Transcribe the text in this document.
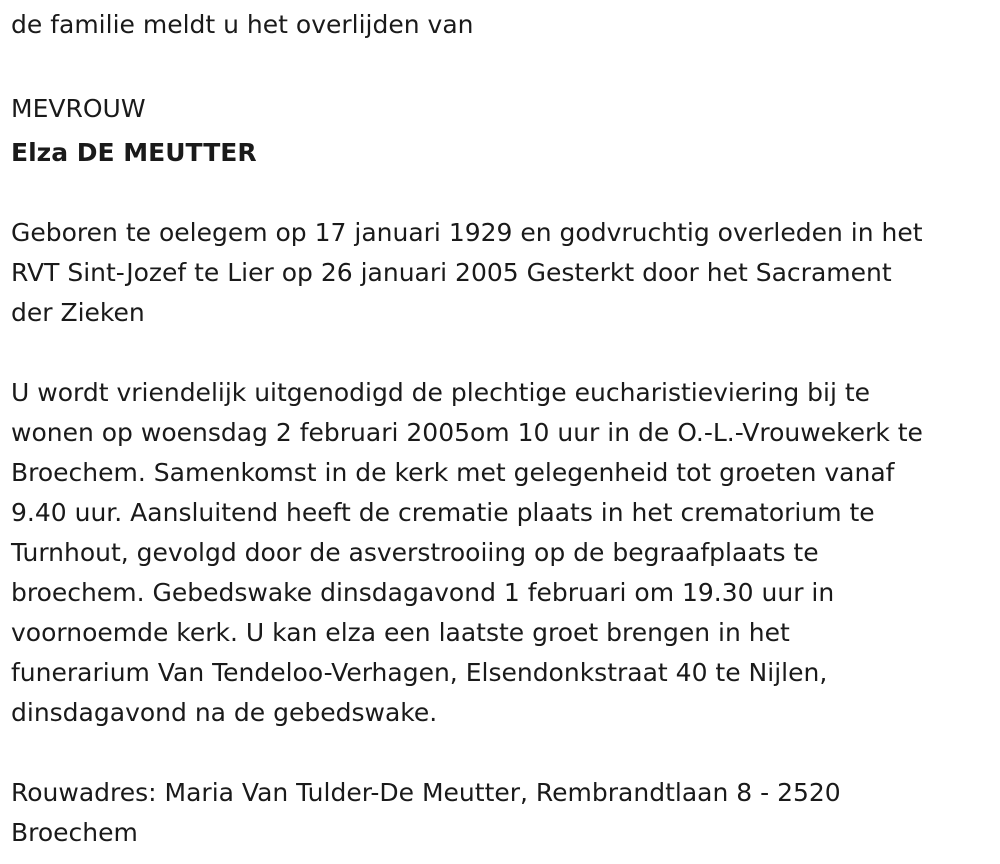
de familie meldt u het overlijden van
MEVROUW
Elza DE MEUTTER
Geboren te oelegem op 17 januari 1929 en godvruchtig overleden in het
RVT Sint-Jozef te Lier op 26 januari 2005 Gesterkt door het Sacrament
der Zieken
U wordt vriendelijk uitgenodigd de plechtige eucharistieviering bij te
wonen op woensdag 2 februari 2005om 10 uur in de O.-L.-Vrouwekerk te
Broechem. Samenkomst in de kerk met gelegenheid tot groeten vanaf
9.40 uur. Aansluitend heeft de crematie plaats in het crematorium te
Turnhout, gevolgd door de asverstrooiing op de begraafplaats te
broechem. Gebedswake dinsdagavond 1 februari om 19.30 uur in
voornoemde kerk. U kan elza een laatste groet brengen in het
funerarium Van Tendeloo-Verhagen, Elsendonkstraat 40 te Nijlen,
dinsdagavond na de gebedswake.
Rouwadres: Maria Van Tulder-De Meutter, Rembrandtlaan 8 - 2520
Broechem
